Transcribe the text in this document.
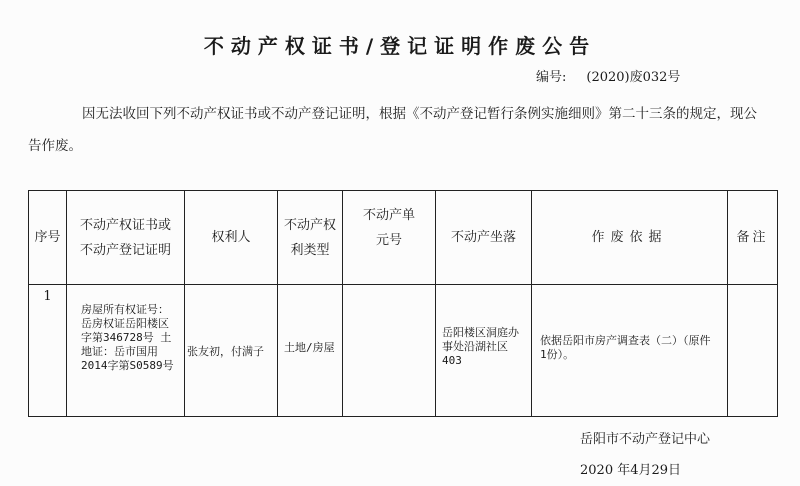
不动产权证书/登记证明作废公告
编号: (2020)废032号
因无法收回下列不动产权证书或不动产登记证明，根据《不动产登记暂行条例实施细则》第二十三条的规定，现公告作废。
序号	不动产权证书或不动产登记证明	权利人	不动产权利类型	不动产单元号	不动产坐落	作废依据	备注

1	房屋所有权证号：岳房权证岳阳楼区字第346728号 土地证：岳市国用2014字第S0589号	张友初，付满子	土地/房屋		岳阳楼区洞庭办事处沿湖社区403	依据岳阳市房产调查表（二）（原件1份）。	

岳阳市不动产登记中心
2020 年4月29日
